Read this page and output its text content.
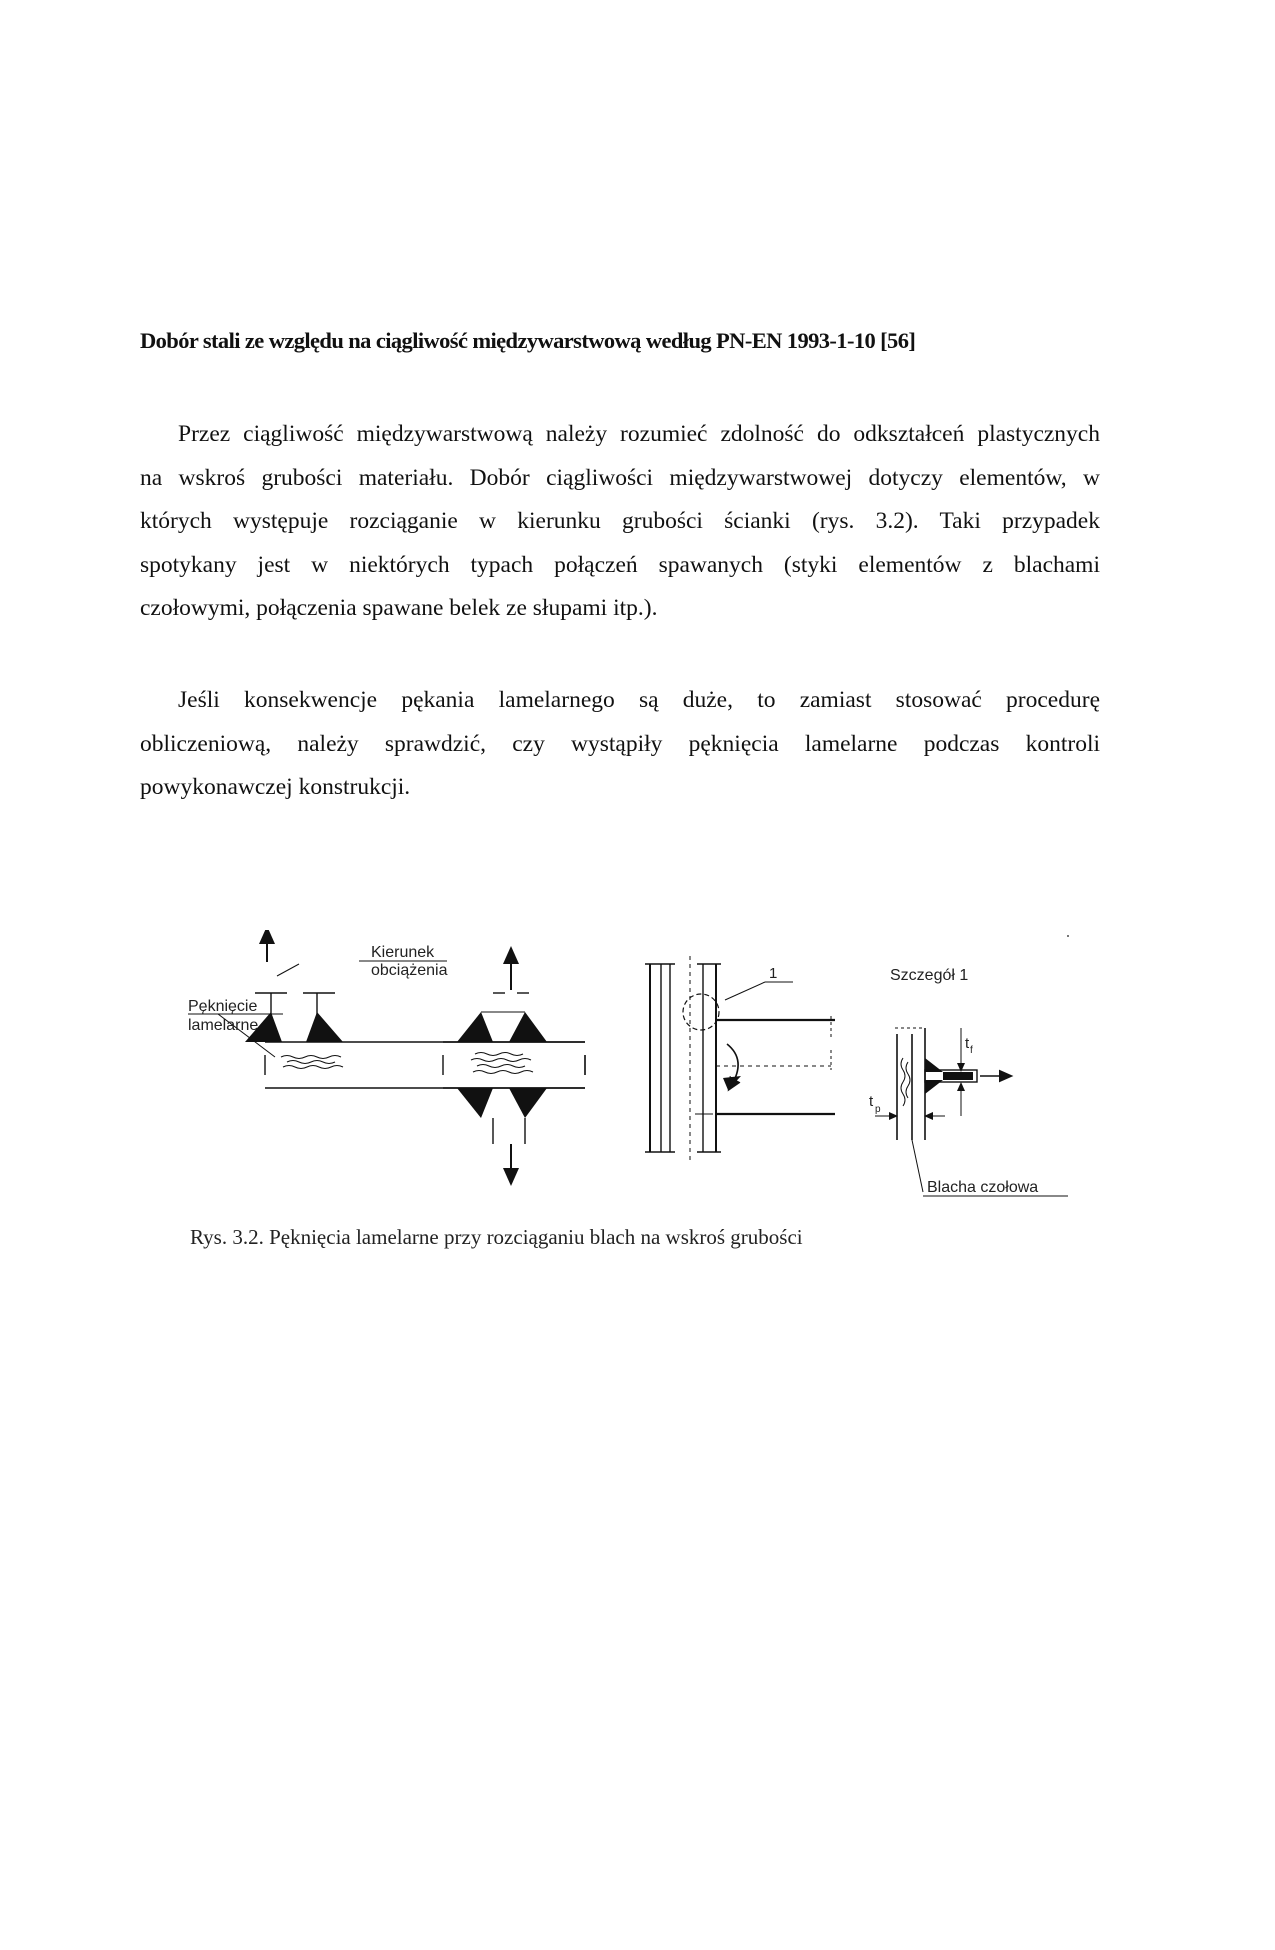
Dobór stali ze względu na ciągliwość międzywarstwową według PN-EN 1993-1-10 [56]
Przez ciągliwość międzywarstwową należy rozumieć zdolność do odkształceń plastycznych
na wskroś grubości materiału. Dobór ciągliwości międzywarstwowej dotyczy elementów, w
których występuje rozciąganie w kierunku grubości ścianki (rys. 3.2). Taki przypadek
spotykany jest w niektórych typach połączeń spawanych (styki elementów z blachami
czołowymi, połączenia spawane belek ze słupami itp.).
Jeśli konsekwencje pękania lamelarnego są duże, to zamiast stosować procedurę
obliczeniową, należy sprawdzić, czy wystąpiły pęknięcia lamelarne podczas kontroli
powykonawczej konstrukcji.
Kierunek
obciążenia
Pęknięcie
lamelarne
1	Szczegół 1
t f
t p
Blacha czołowa
Rys. 3.2. Pęknięcia lamelarne przy rozciąganiu blach na wskroś grubości
